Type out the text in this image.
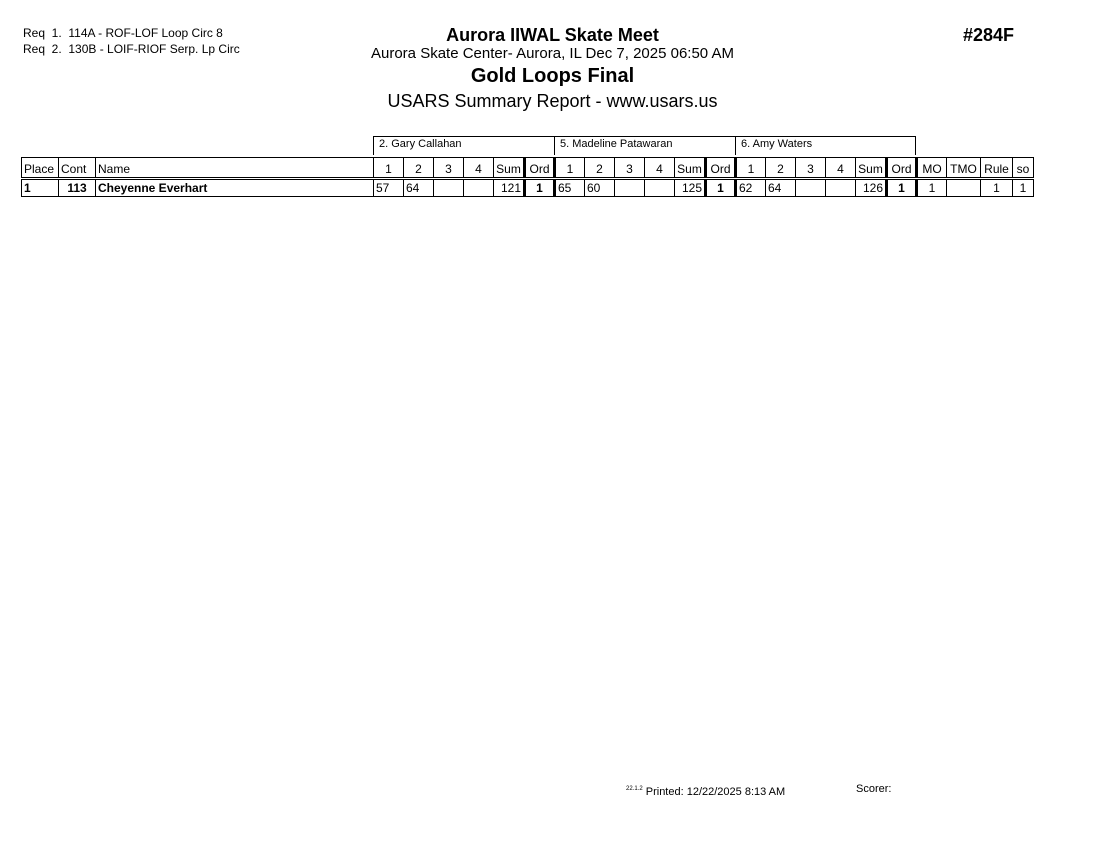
Req  1.  114A - ROF-LOF Loop Circ 8
Req  2.  130B - LOIF-RIOF Serp. Lp Circ
Aurora IIWAL Skate Meet
Aurora Skate Center- Aurora, IL Dec 7, 2025 06:50 AM
Gold Loops Final
USARS Summary Report - www.usars.us
#284F
2. Gary Callahan	5. Madeline Patawaran	6. Amy Waters
Place	Cont	Name	1	2	3	4	Sum	Ord	1	2	3	4	Sum	Ord	1	2	3	4	Sum	Ord	MO	TMO	Rule	so
1	113	Cheyenne Everhart	57	64			121	1	65	60			125	1	62	64			126	1	1		1	1
$^{22.1.2}$ Printed: 12/22/2025 8:13 AM	Scorer:
